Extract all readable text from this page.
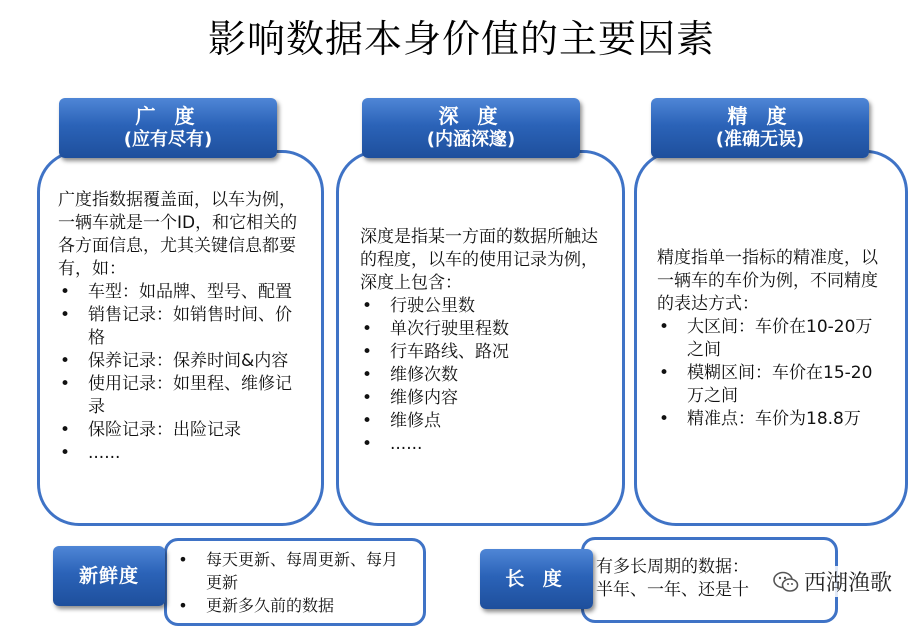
影响数据本身价值的主要因素
广 度
(应有尽有)
广度指数据覆盖面，以车为例，一辆车就是一个ID，和它相关的各方面信息，尤其关键信息都要有，如：
• 车型：如品牌、型号、配置
• 销售记录：如销售时间、价格
• 保养记录：保养时间&内容
• 使用记录：如里程、维修记录
• 保险记录：出险记录
• ......
深 度
(内涵深邃)
深度是指某一方面的数据所触达的程度，以车的使用记录为例，深度上包含：
• 行驶公里数
• 单次行驶里程数
• 行车路线、路况
• 维修次数
• 维修内容
• 维修点
• ......
精 度
(准确无误)
精度指单一指标的精准度，以一辆车的车价为例，不同精度的表达方式：
• 大区间：车价在10-20万之间
• 模糊区间：车价在15-20万之间
• 精准点：车价为18.8万
新鲜度
• 每天更新、每周更新、每月更新
• 更新多久前的数据
长 度
有多长周期的数据：
半年、一年、还是十	西湖渔歌
